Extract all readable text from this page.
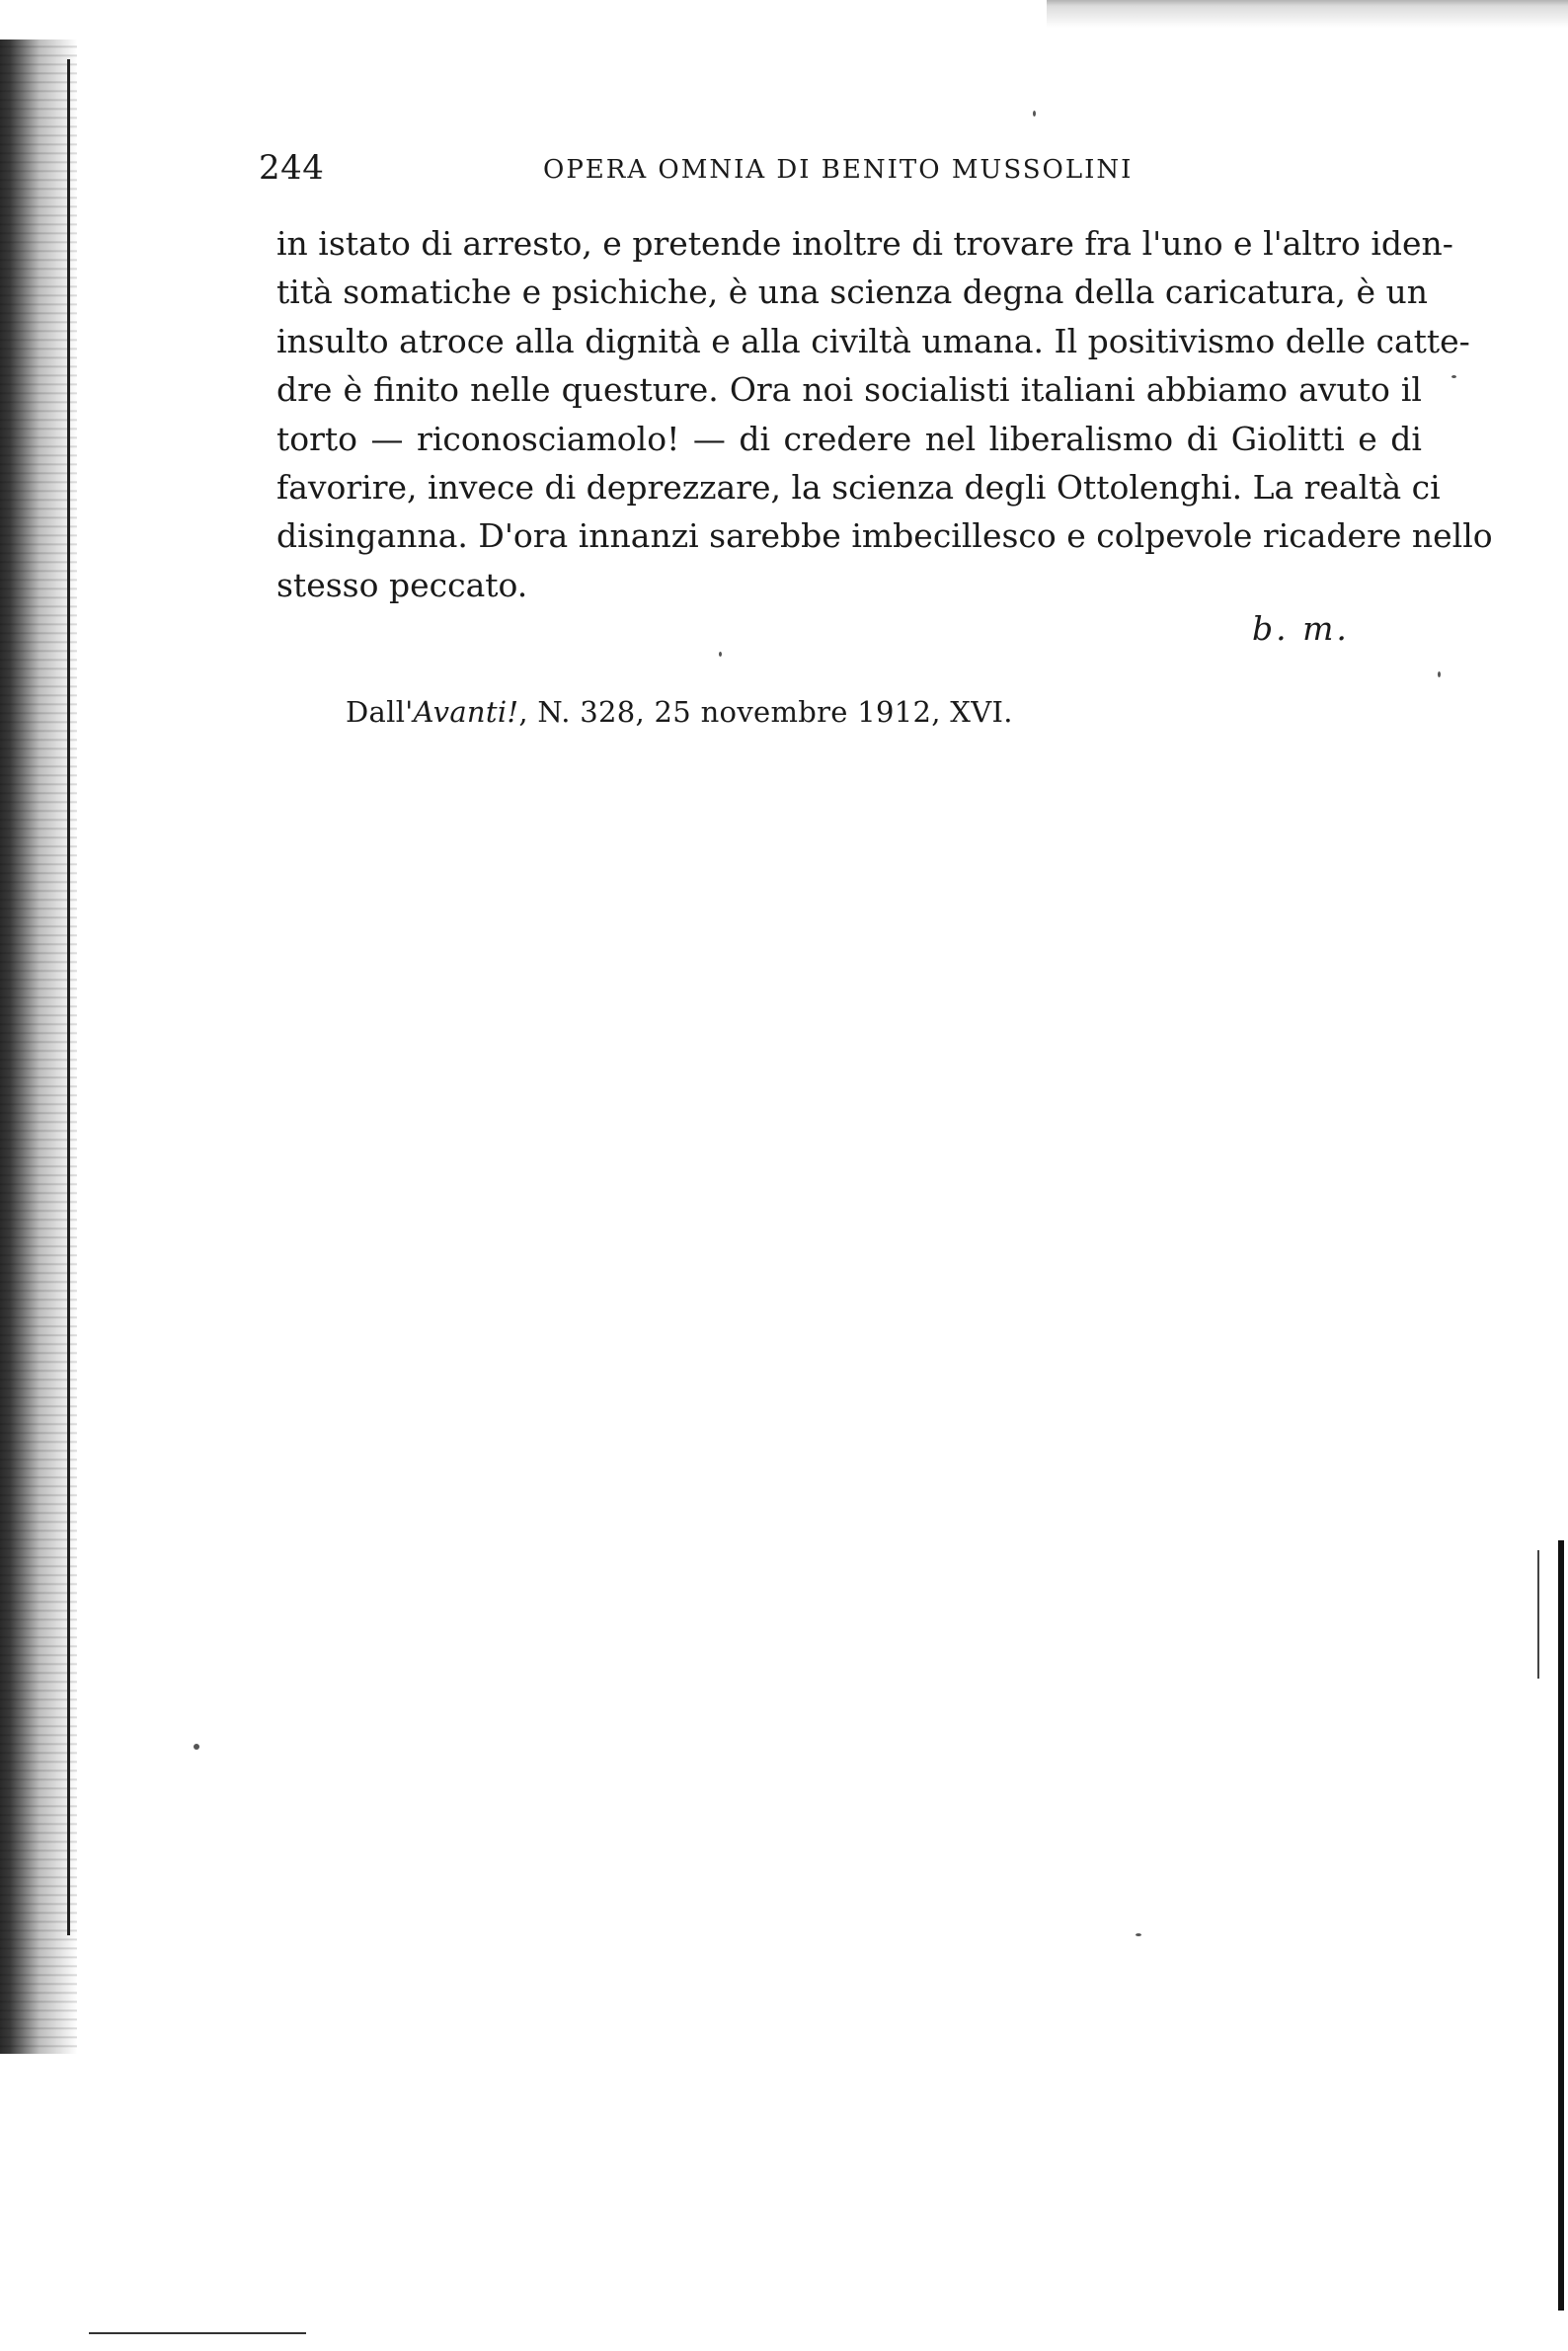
244	OPERA OMNIA DI BENITO MUSSOLINI
in istato di arresto, e pretende inoltre di trovare fra l'uno e l'altro iden-
tità somatiche e psichiche, è una scienza degna della caricatura, è un
insulto atroce alla dignità e alla civiltà umana. Il positivismo delle catte-
dre è finito nelle questure. Ora noi socialisti italiani abbiamo avuto il
torto — riconosciamolo! — di credere nel liberalismo di Giolitti e di
favorire, invece di deprezzare, la scienza degli Ottolenghi. La realtà ci
disinganna. D'ora innanzi sarebbe imbecillesco e colpevole ricadere nello
stesso peccato.
b. m.
Dall'Avanti!, N. 328, 25 novembre 1912, XVI.
